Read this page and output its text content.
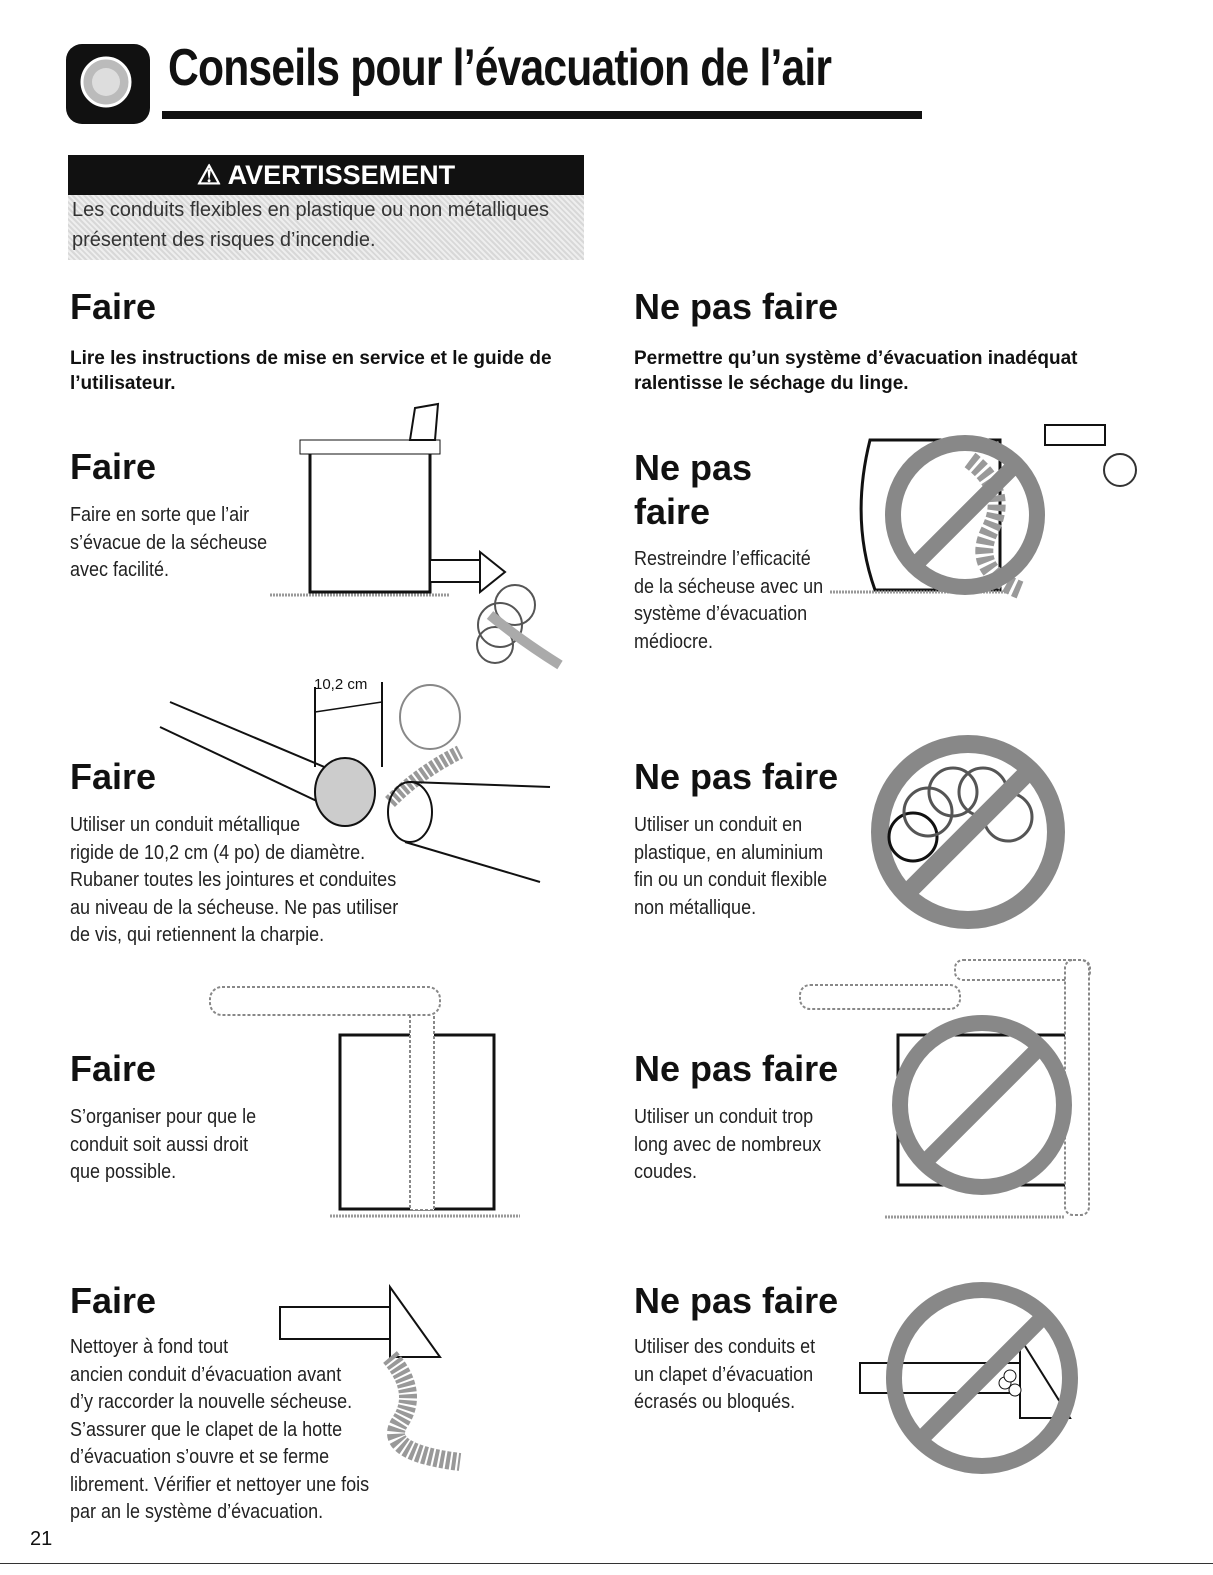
Conseils pour l’évacuation de l’air
⚠ AVERTISSEMENT
Les conduits flexibles en plastique ou non métalliques
présentent des risques d’incendie.
Faire
Lire les instructions de mise en service et le guide de
l’utilisateur.
Ne pas faire
Permettre qu’un système d’évacuation inadéquat
ralentisse le séchage du linge.
Faire
Faire en sorte que l’air
s’évacue de la sécheuse
avec facilité.
Ne pas
faire
Restreindre l’efficacité
de la sécheuse avec un
système d’évacuation
médiocre.
10,2 cm
Faire
Utiliser un conduit métallique
rigide de 10,2 cm (4 po) de diamètre.
Rubaner toutes les jointures et conduites
au niveau de la sécheuse. Ne pas utiliser
de vis, qui retiennent la charpie.
Ne pas faire
Utiliser un conduit en
plastique, en aluminium
fin ou un conduit flexible
non métallique.
Faire
S’organiser pour que le
conduit soit aussi droit
que possible.
Ne pas faire
Utiliser un conduit trop
long avec de nombreux
coudes.
Faire
Nettoyer à fond tout
ancien conduit d’évacuation avant
d’y raccorder la nouvelle sécheuse.
S’assurer que le clapet de la hotte
d’évacuation s’ouvre et se ferme
librement. Vérifier et nettoyer une fois
par an le système d’évacuation.
Ne pas faire
Utiliser des conduits et
un clapet d’évacuation
écrasés ou bloqués.
21
